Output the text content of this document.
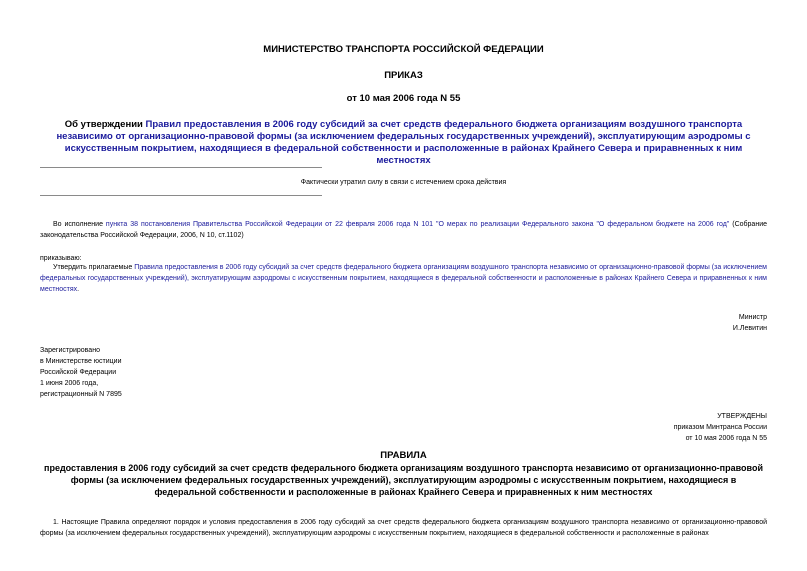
МИНИСТЕРСТВО ТРАНСПОРТА РОССИЙСКОЙ ФЕДЕРАЦИИ
ПРИКАЗ
от 10 мая 2006 года N 55
Об утверждении Правил предоставления в 2006 году субсидий за счет средств федерального бюджета организациям воздушного транспорта независимо от организационно-правовой формы (за исключением федеральных государственных учреждений), эксплуатирующим аэродромы с искусственным покрытием, находящиеся в федеральной собственности и расположенные в районах Крайнего Севера и приравненных к ним местностях
Фактически утратил силу в связи с истечением срока действия
Во исполнение пункта 38 постановления Правительства Российской Федерации от 22 февраля 2006 года N 101 "О мерах по реализации Федерального закона "О федеральном бюджете на 2006 год" (Собрание законодательства Российской Федерации, 2006, N 10, ст.1102)
приказываю:
Утвердить прилагаемые Правила предоставления в 2006 году субсидий за счет средств федерального бюджета организациям воздушного транспорта независимо от организационно-правовой формы (за исключением федеральных государственных учреждений), эксплуатирующим аэродромы с искусственным покрытием, находящиеся в федеральной собственности и расположенные в районах Крайнего Севера и приравненных к ним местностях.
Министр
И.Левитин
Зарегистрировано
в Министерстве юстиции
Российской Федерации
1 июня 2006 года,
регистрационный N 7895
УТВЕРЖДЕНЫ
приказом Минтранса России
от 10 мая 2006 года N 55
ПРАВИЛА
предоставления в 2006 году субсидий за счет средств федерального бюджета организациям воздушного транспорта независимо от организационно-правовой формы (за исключением федеральных государственных учреждений), эксплуатирующим аэродромы с искусственным покрытием, находящиеся в федеральной собственности и расположенные в районах Крайнего Севера и приравненных к ним местностях
1. Настоящие Правила определяют порядок и условия предоставления в 2006 году субсидий за счет средств федерального бюджета организациям воздушного транспорта независимо от организационно-правовой формы (за исключением федеральных государственных учреждений), эксплуатирующим аэродромы с искусственным покрытием, находящиеся в федеральной собственности и расположенные в районах
